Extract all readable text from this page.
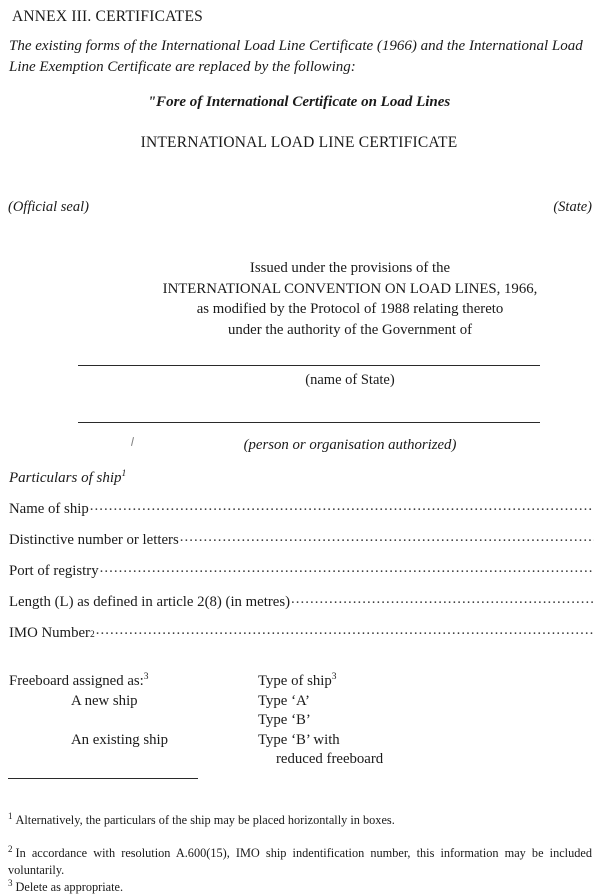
ANNEX III. CERTIFICATES
The existing forms of the International Load Line Certificate (1966) and the International Load Line Exemption Certificate are replaced by the following:
"Fore of International Certificate on Load Lines
INTERNATIONAL LOAD LINE CERTIFICATE
(Official seal)	(State)
Issued under the provisions of the
INTERNATIONAL CONVENTION ON LOAD LINES, 1966,
as modified by the Protocol of 1988 relating thereto
under the authority of the Government of
(name of State)
(person or organisation authorized)
Particulars of ship$^1$
Name of ship
.....
Distinctive number or letters
.....
Port of registry
.....
Length (L) as defined in article 2(8) (in metres)
.....
IMO Number 2
.....
Freeboard assigned as:$^3$
A new ship
An existing ship
Type of ship$^3$
Type ‘A’
Type ‘B’
Type ‘B’ with
reduced freeboard
$^1$ Alternatively, the particulars of the ship may be placed horizontally in boxes.
$^2$ In accordance with resolution A.600(15), IMO ship indentification number, this information may be included voluntarily.
$^3$ Delete as appropriate.
